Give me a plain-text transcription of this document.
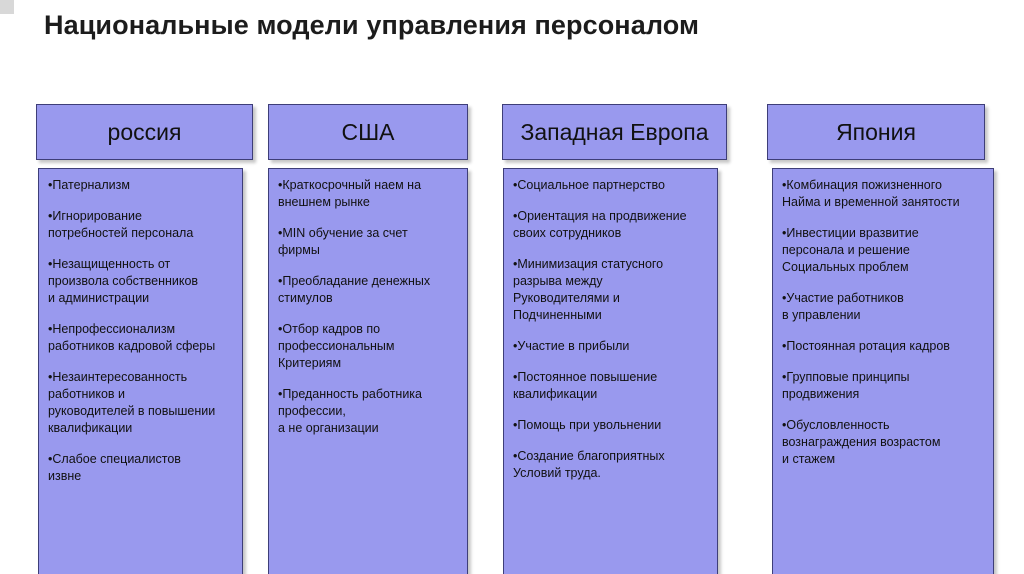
Национальные модели управления персоналом
россия	США	Западная Европа	Япония

•Патернализм

•Игнорирование
потребностей персонала

•Незащищенность от
произвола собственников
и администрации

•Непрофессионализм
работников кадровой сферы

•Незаинтересованность
работников и
руководителей в повышении
квалификации

•Слабое специалистов
извне

•Краткосрочный наем на
внешнем рынке

•MIN обучение за счет
фирмы

•Преобладание денежных
стимулов

•Отбор кадров по
профессиональным
Критериям

•Преданность работника
профессии,
а не организации

•Социальное партнерство

•Ориентация на продвижение
своих сотрудников

•Минимизация статусного
разрыва между
Руководителями и
Подчиненными

•Участие в прибыли

•Постоянное повышение
квалификации

•Помощь при увольнении

•Создание благоприятных
Условий труда.

•Комбинация пожизненного
Найма и временной занятости

•Инвестиции вразвитие
персонала и решение
Социальных проблем

•Участие работников
в управлении

•Постоянная ротация кадров

•Групповые принципы
продвижения

•Обусловленность
вознаграждения возрастом
и стажем
